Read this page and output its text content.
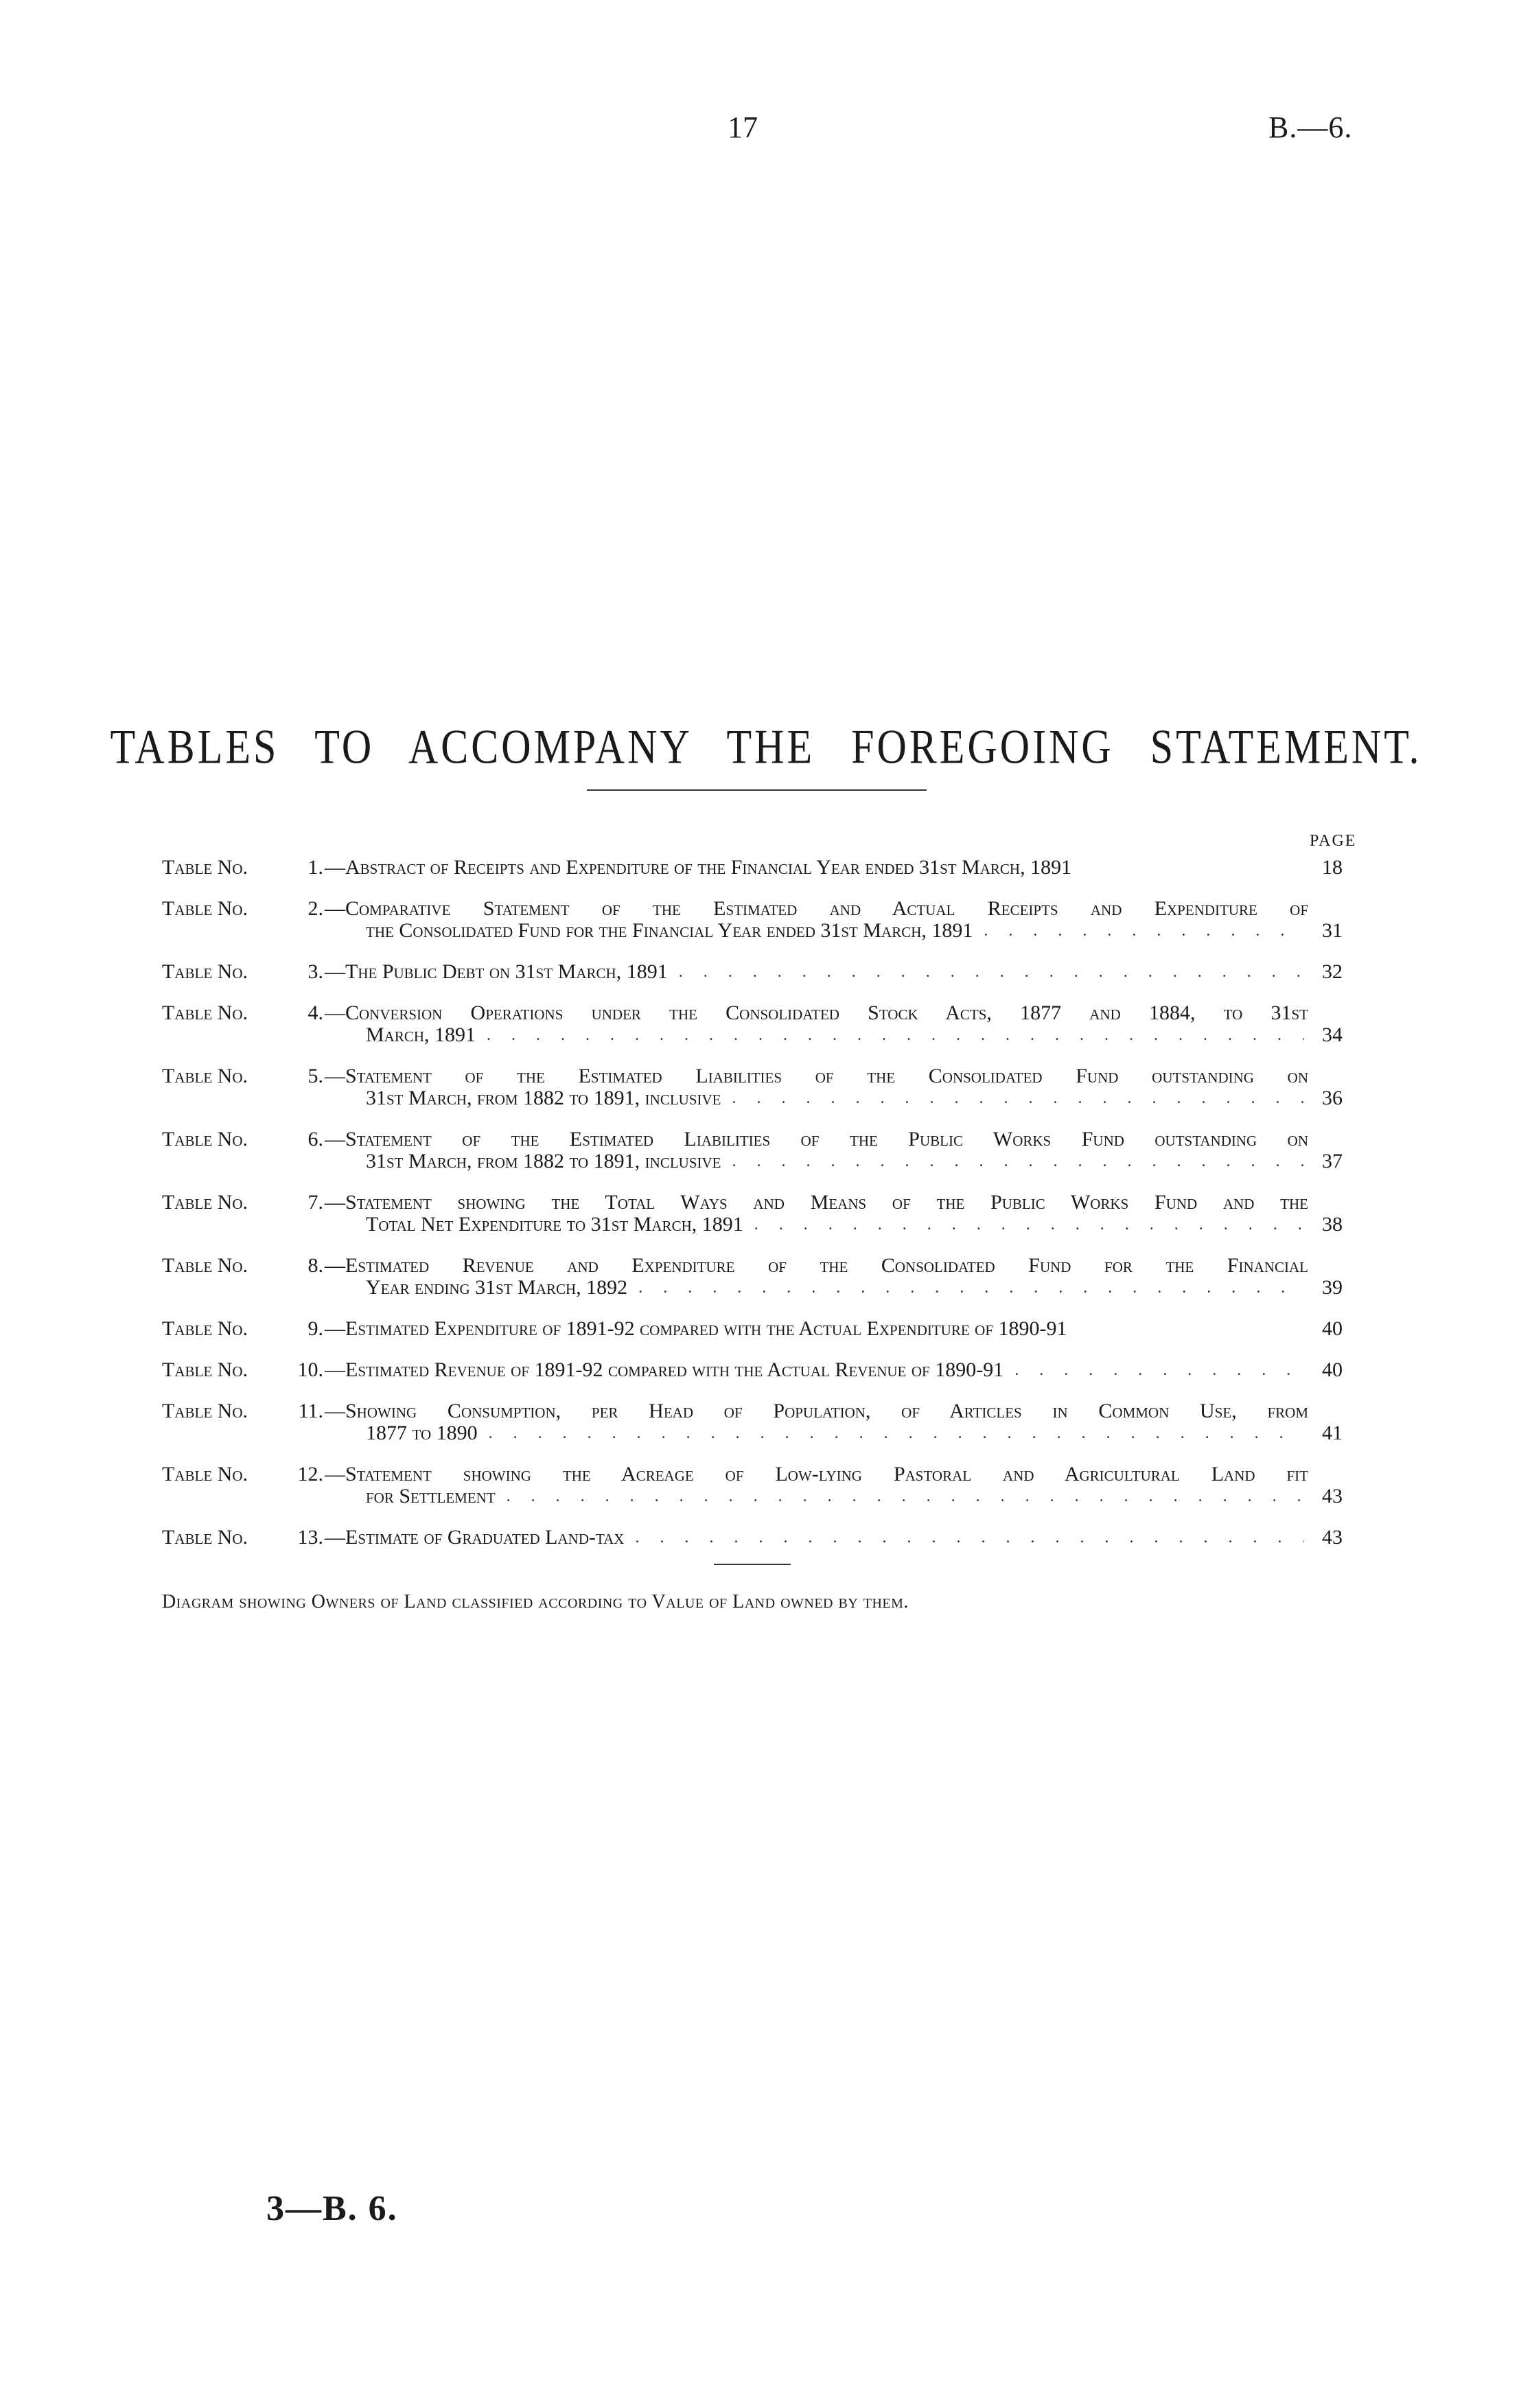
17	B.—6.
TABLES TO ACCOMPANY THE FOREGOING STATEMENT.
PAGE
Table No.	1. —Abstract of Receipts and Expenditure of the Financial Year ended 31st March, 1891	18
Table No.	2. —Comparative Statement of the Estimated and Actual Receipts and Expenditure of
the Consolidated Fund for the Financial Year ended 31st March, 1891 . . .	31
Table No.	3. —The Public Debt on 31st March, 1891 . . .	32
Table No.	4. —Conversion Operations under the Consolidated Stock Acts, 1877 and 1884, to 31st
March, 1891 . . .	34
Table No.	5. —Statement of the Estimated Liabilities of the Consolidated Fund outstanding on
31st March, from 1882 to 1891, inclusive . . .	36
Table No.	6. —Statement of the Estimated Liabilities of the Public Works Fund outstanding on
31st March, from 1882 to 1891, inclusive . . .	37
Table No.	7. —Statement showing the Total Ways and Means of the Public Works Fund and the
Total Net Expenditure to 31st March, 1891 . . .	38
Table No.	8. —Estimated Revenue and Expenditure of the Consolidated Fund for the Financial
Year ending 31st March, 1892 . . .	39
Table No.	9. —Estimated Expenditure of 1891-92 compared with the Actual Expenditure of 1890-91	40
Table No.	10. —Estimated Revenue of 1891-92 compared with the Actual Revenue of 1890-91 . . .	40
Table No.	11. —Showing Consumption, per Head of Population, of Articles in Common Use, from
1877 to 1890 . . .	41
Table No.	12. —Statement showing the Acreage of Low-lying Pastoral and Agricultural Land fit
for Settlement . . .	43
Table No.	13. —Estimate of Graduated Land-tax . . .	43
Diagram showing Owners of Land classified according to Value of Land owned by them.
3—B. 6.
